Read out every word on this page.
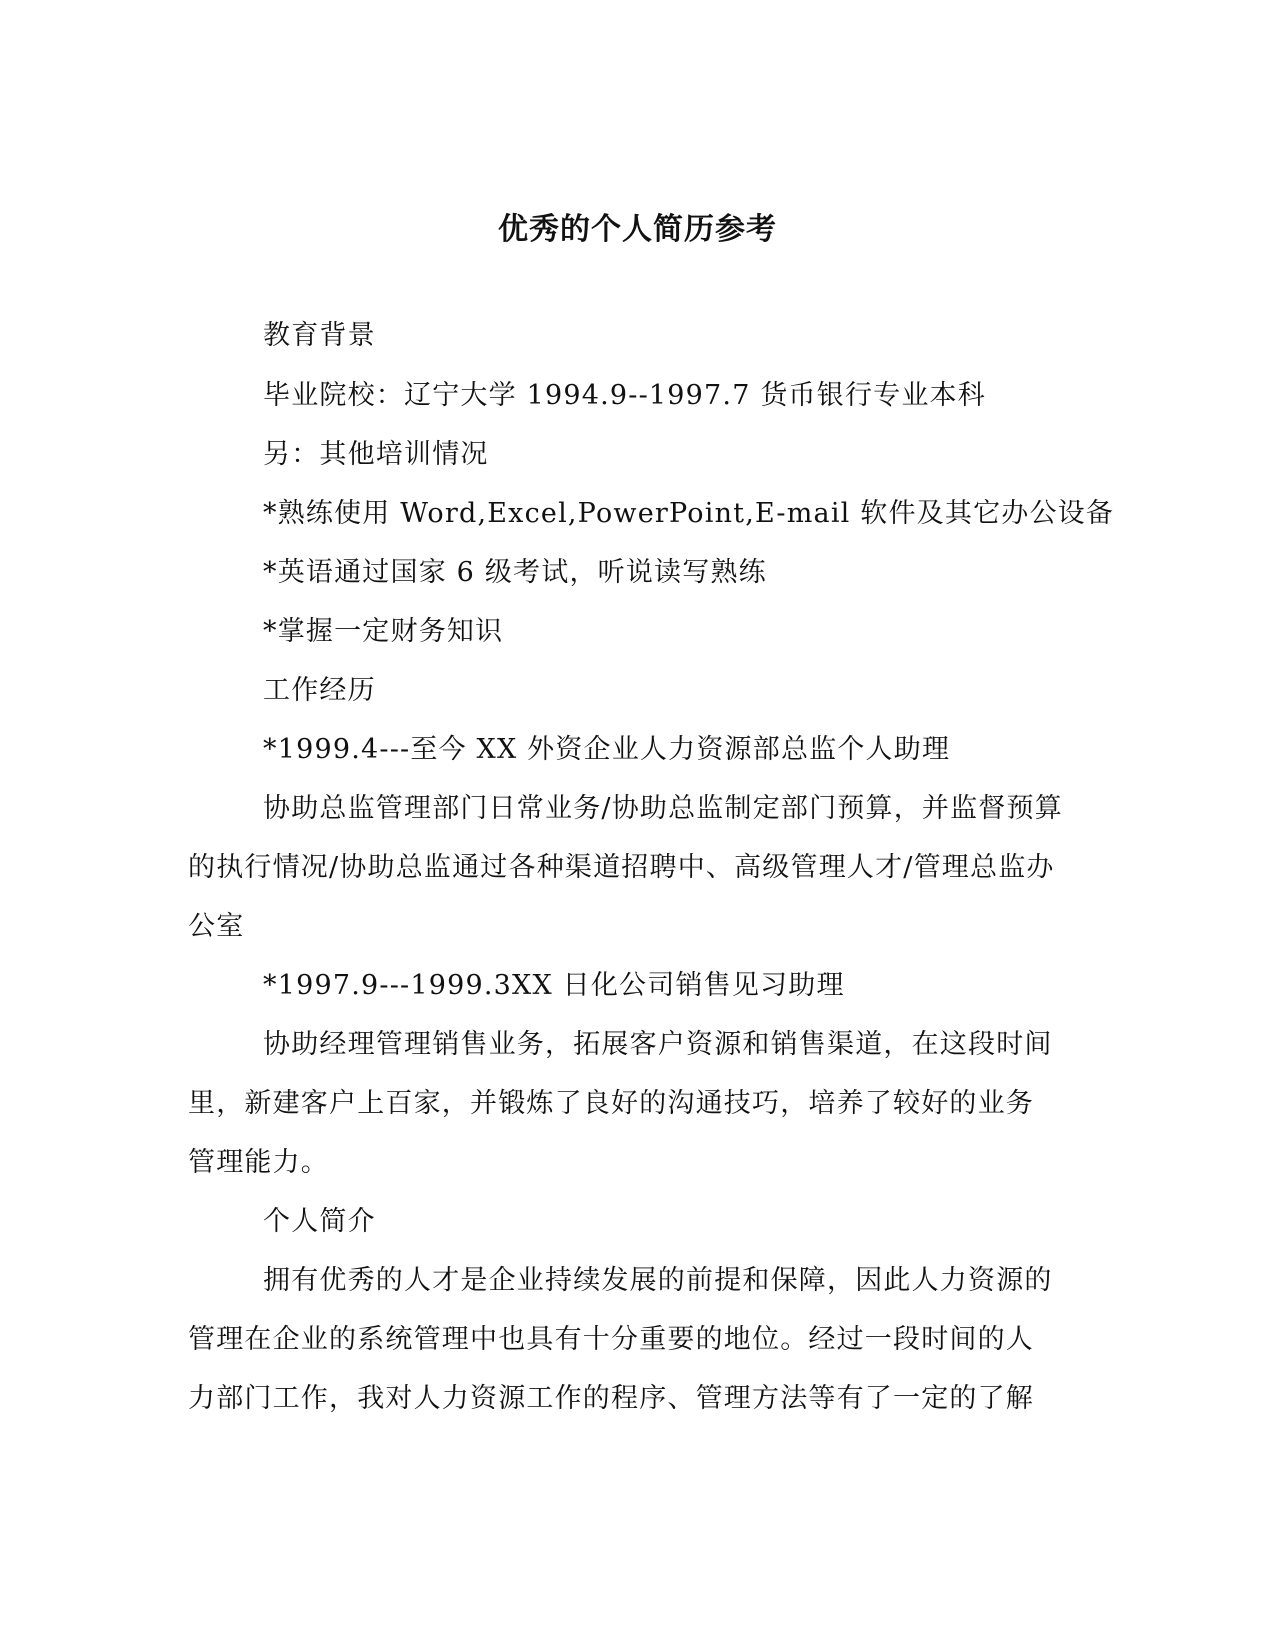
优秀的个人简历参考
教育背景
毕业院校：辽宁大学 1994.9--1997.7 货币银行专业本科
另：其他培训情况
*熟练使用 Word,Excel,PowerPoint,E-mail 软件及其它办公设备
*英语通过国家 6 级考试，听说读写熟练
*掌握一定财务知识
工作经历
*1999.4---至今 XX 外资企业人力资源部总监个人助理
协助总监管理部门日常业务/协助总监制定部门预算，并监督预算
的执行情况/协助总监通过各种渠道招聘中、高级管理人才/管理总监办
公室
*1997.9---1999.3XX 日化公司销售见习助理
协助经理管理销售业务，拓展客户资源和销售渠道，在这段时间
里，新建客户上百家，并锻炼了良好的沟通技巧，培养了较好的业务
管理能力。
个人简介
拥有优秀的人才是企业持续发展的前提和保障，因此人力资源的
管理在企业的系统管理中也具有十分重要的地位。经过一段时间的人
力部门工作，我对人力资源工作的程序、管理方法等有了一定的了解
